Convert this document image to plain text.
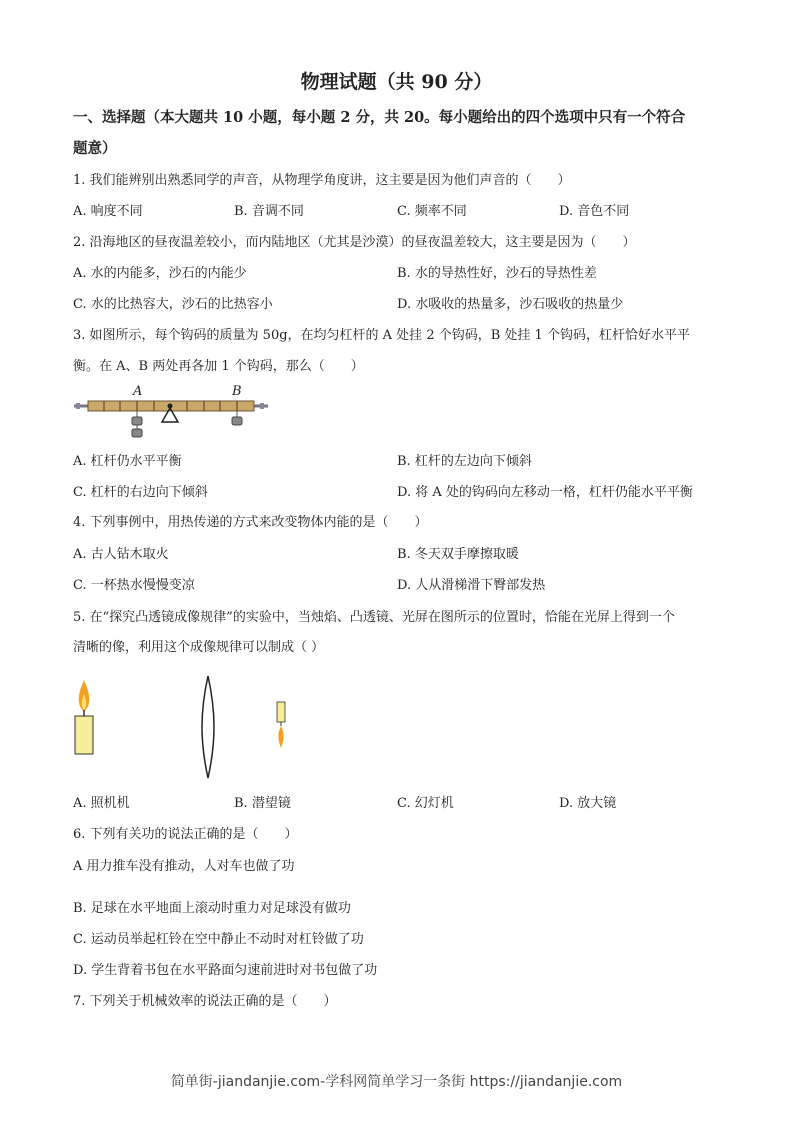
物理试题（共 90 分）
一、选择题（本大题共 10 小题，每小题 2 分，共 20。每小题给出的四个选项中只有一个符合
题意）
1. 我们能辨别出熟悉同学的声音，从物理学角度讲，这主要是因为他们声音的（　　）
A. 响度不同	B. 音调不同	C. 频率不同	D. 音色不同
2. 沿海地区的昼夜温差较小，而内陆地区（尤其是沙漠）的昼夜温差较大，这主要是因为（　　）
A. 水的内能多，沙石的内能少	B. 水的导热性好，沙石的导热性差
C. 水的比热容大，沙石的比热容小	D. 水吸收的热量多，沙石吸收的热量少
3. 如图所示，每个钩码的质量为 50g，在均匀杠杆的 A 处挂 2 个钩码，B 处挂 1 个钩码，杠杆恰好水平平
衡。在 A、B 两处再各加 1 个钩码，那么（　　）
A	B
A. 杠杆仍水平平衡	B. 杠杆的左边向下倾斜
C. 杠杆的右边向下倾斜	D. 将 A 处的钩码向左移动一格，杠杆仍能水平平衡
4. 下列事例中，用热传递的方式来改变物体内能的是（　　）
A. 古人钻木取火	B. 冬天双手摩擦取暖
C. 一杯热水慢慢变凉	D. 人从滑梯滑下臀部发热
5. 在“探究凸透镜成像规律”的实验中，当烛焰、凸透镜、光屏在图所示的位置时，恰能在光屏上得到一个
清晰的像，利用这个成像规律可以制成（ ）
A. 照机机	B. 潜望镜	C. 幻灯机	D. 放大镜
6. 下列有关功的说法正确的是（　　）
A 用力推车没有推动，人对车也做了功
B. 足球在水平地面上滚动时重力对足球没有做功
C. 运动员举起杠铃在空中静止不动时对杠铃做了功
D. 学生背着书包在水平路面匀速前进时对书包做了功
7. 下列关于机械效率的说法正确的是（　　）
简单街-jiandanjie.com-学科网简单学习一条街 https://jiandanjie.com
